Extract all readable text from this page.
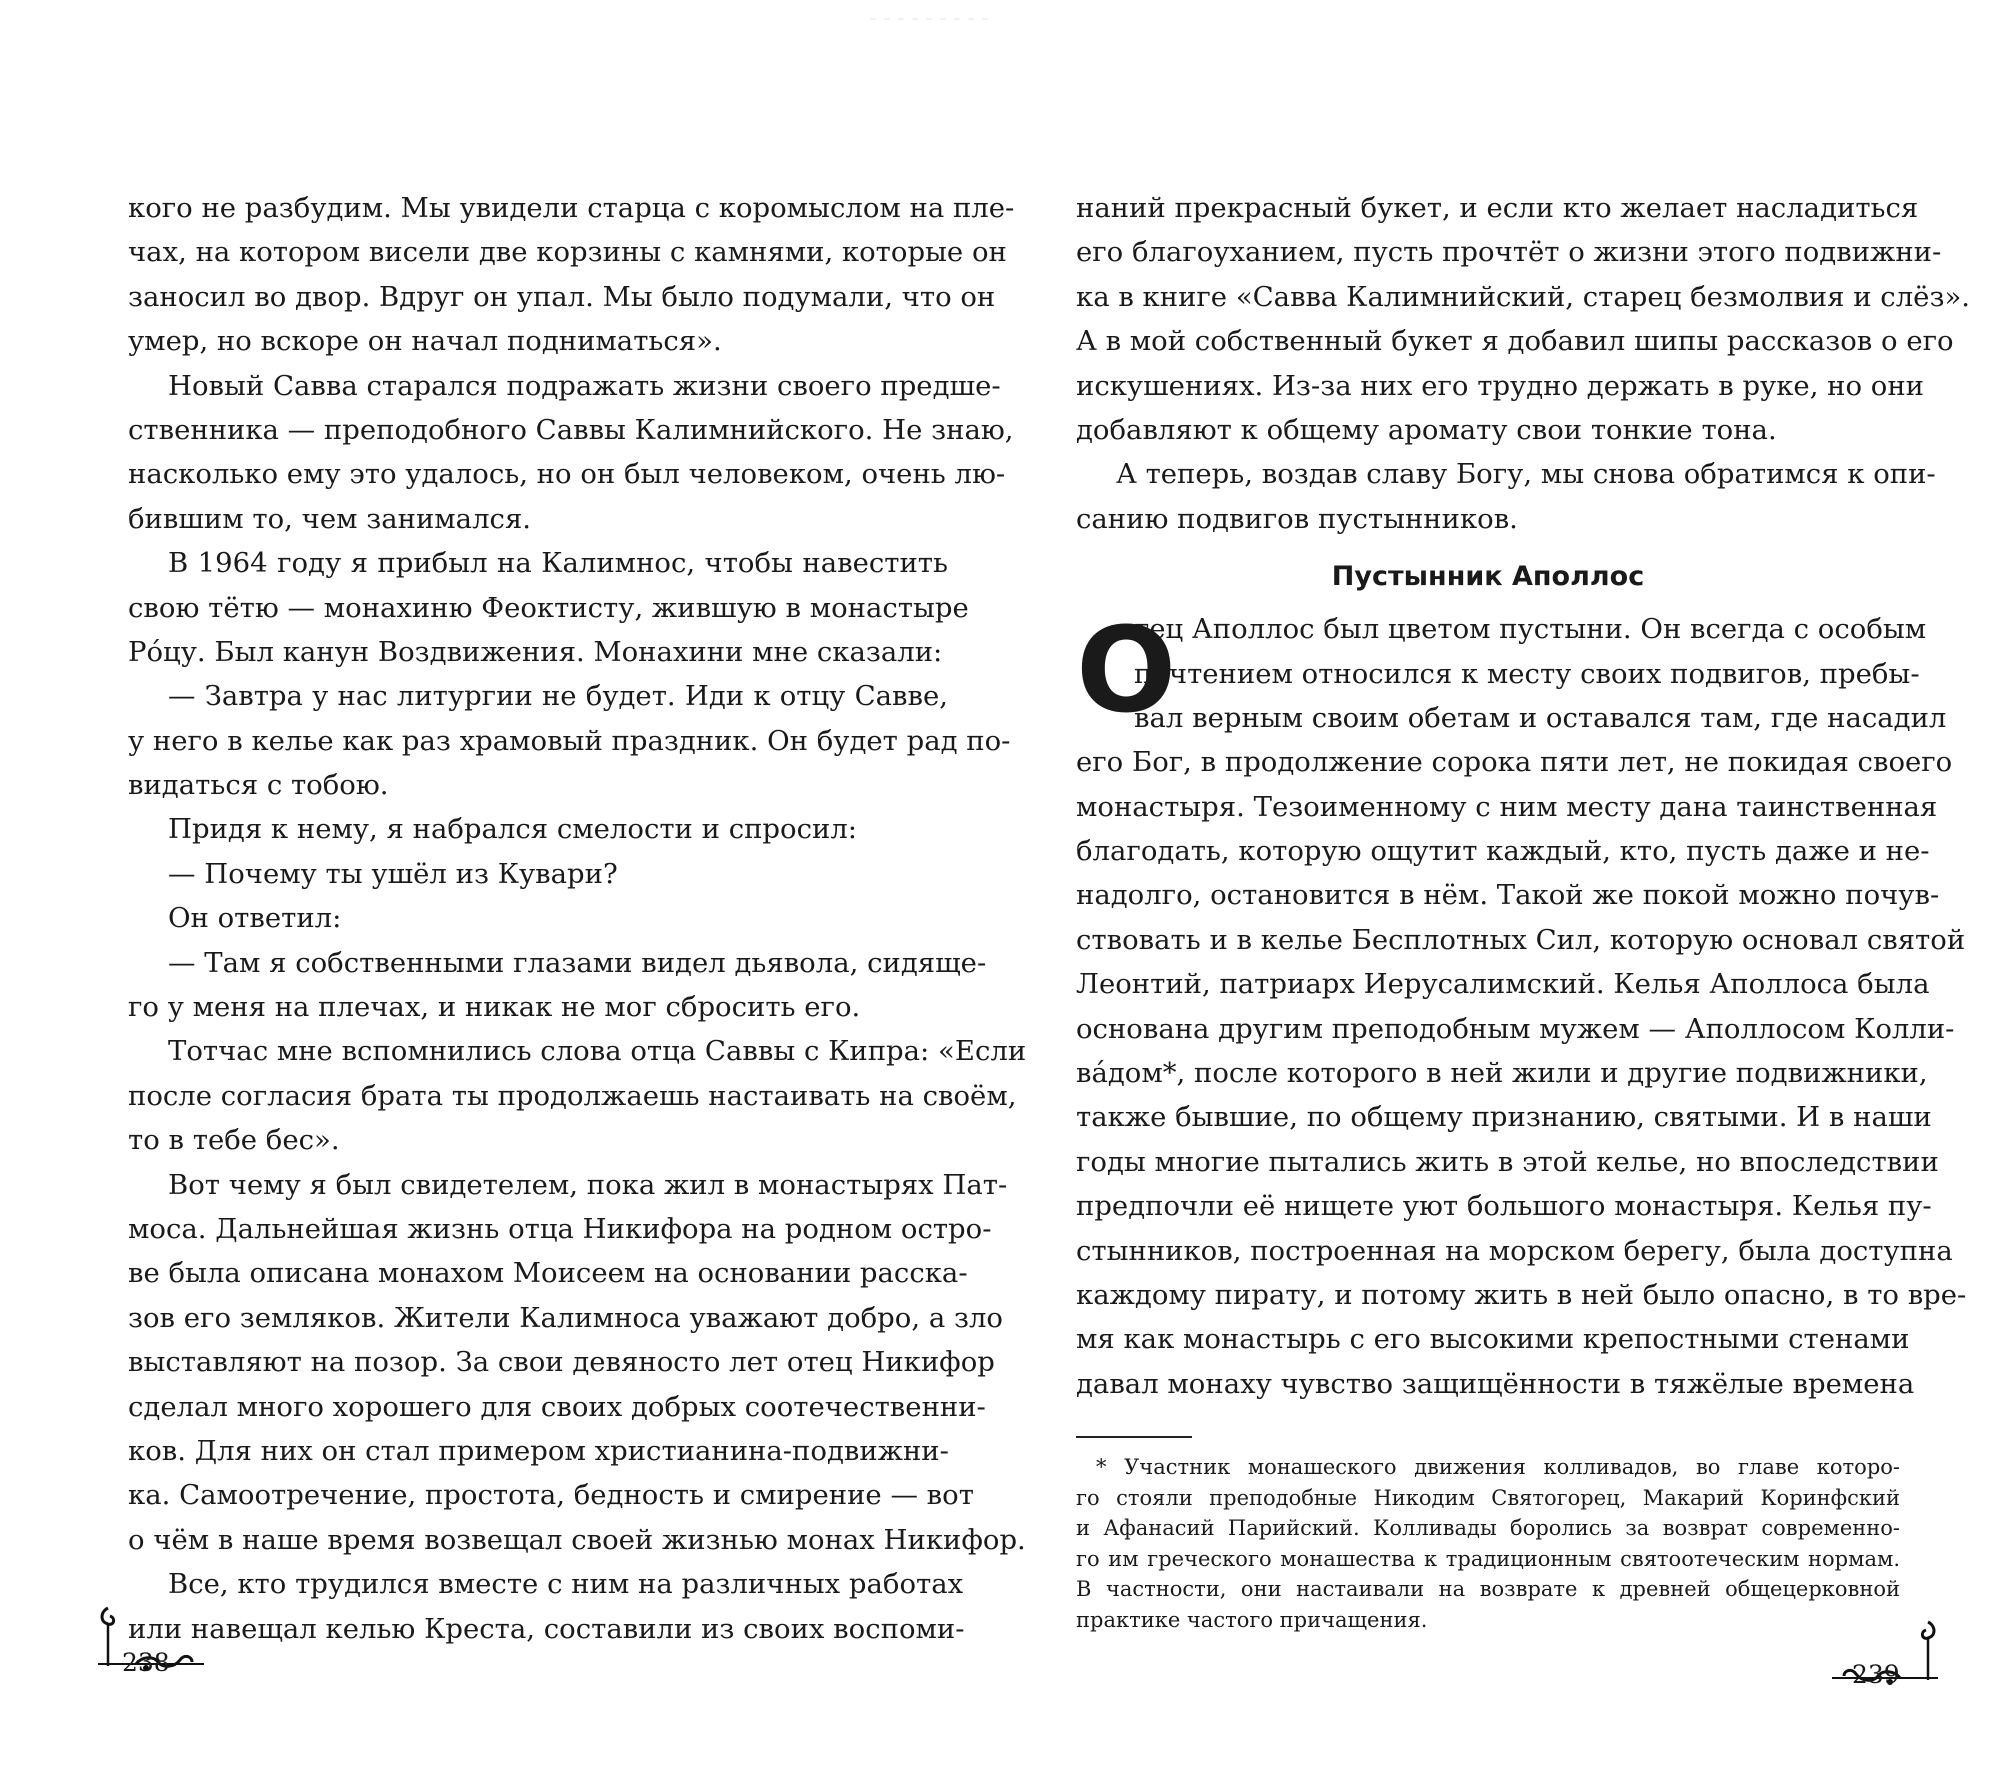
кого не разбудим. Мы увидели старца с коромыслом на пле-
чах, на котором висели две корзины с камнями, которые он
заносил во двор. Вдруг он упал. Мы было подумали, что он
умер, но вскоре он начал подниматься».
Новый Савва старался подражать жизни своего предше-
ственника — преподобного Саввы Калимнийского. Не знаю,
насколько ему это удалось, но он был человеком, очень лю-
бившим то, чем занимался.
В 1964 году я прибыл на Калимнос, чтобы навестить
свою тётю — монахиню Феоктисту, жившую в монастыре
Ро́цу. Был канун Воздвижения. Монахини мне сказали:
— Завтра у нас литургии не будет. Иди к отцу Савве,
у него в келье как раз храмовый праздник. Он будет рад по-
видаться с тобою.
Придя к нему, я набрался смелости и спросил:
— Почему ты ушёл из Кувари?
Он ответил:
— Там я собственными глазами видел дьявола, сидяще-
го у меня на плечах, и никак не мог сбросить его.
Тотчас мне вспомнились слова отца Саввы с Кипра: «Если
после согласия брата ты продолжаешь настаивать на своём,
то в тебе бес».
Вот чему я был свидетелем, пока жил в монастырях Пат-
моса. Дальнейшая жизнь отца Никифора на родном остро-
ве была описана монахом Моисеем на основании расска-
зов его земляков. Жители Калимноса уважают добро, а зло
выставляют на позор. За свои девяносто лет отец Никифор
сделал много хорошего для своих добрых соотечественни-
ков. Для них он стал примером христианина-подвижни-
ка. Самоотречение, простота, бедность и смирение — вот
о чём в наше время возвещал своей жизнью монах Никифор.
Все, кто трудился вместе с ним на различных работах
или навещал келью Креста, составили из своих воспоми-
238
наний прекрасный букет, и если кто желает насладиться
его благоуханием, пусть прочтёт о жизни этого подвижни-
ка в книге «Савва Калимнийский, старец безмолвия и слёз».
А в мой собственный букет я добавил шипы рассказов о его
искушениях. Из-за них его трудно держать в руке, но они
добавляют к общему аромату свои тонкие тона.
А теперь, воздав славу Богу, мы снова обратимся к опи-
санию подвигов пустынников.
Пустынник Аполлос
О
тец Аполлос был цветом пустыни. Он всегда с особым
почтением относился к месту своих подвигов, пребы-
вал верным своим обетам и оставался там, где насадил
его Бог, в продолжение сорока пяти лет, не покидая своего
монастыря. Тезоименному с ним месту дана таинственная
благодать, которую ощутит каждый, кто, пусть даже и не-
надолго, остановится в нём. Такой же покой можно почув-
ствовать и в келье Бесплотных Сил, которую основал святой
Леонтий, патриарх Иерусалимский. Келья Аполлоса была
основана другим преподобным мужем — Аполлосом Колли-
ва́дом*, после которого в ней жили и другие подвижники,
также бывшие, по общему признанию, святыми. И в наши
годы многие пытались жить в этой келье, но впоследствии
предпочли её нищете уют большого монастыря. Келья пу-
стынников, построенная на морском берегу, была доступна
каждому пирату, и потому жить в ней было опасно, в то вре-
мя как монастырь с его высокими крепостными стенами
давал монаху чувство защищённости в тяжёлые времена
* Участник монашеского движения колливадов, во главе которо-
го стояли преподобные Никодим Святогорец, Макарий Коринфский
и Афанасий Парийский. Колливады боролись за возврат современно-
го им греческого монашества к традиционным святоотеческим нормам.
В частности, они настаивали на возврате к древней общецерковной
практике частого причащения.
239
